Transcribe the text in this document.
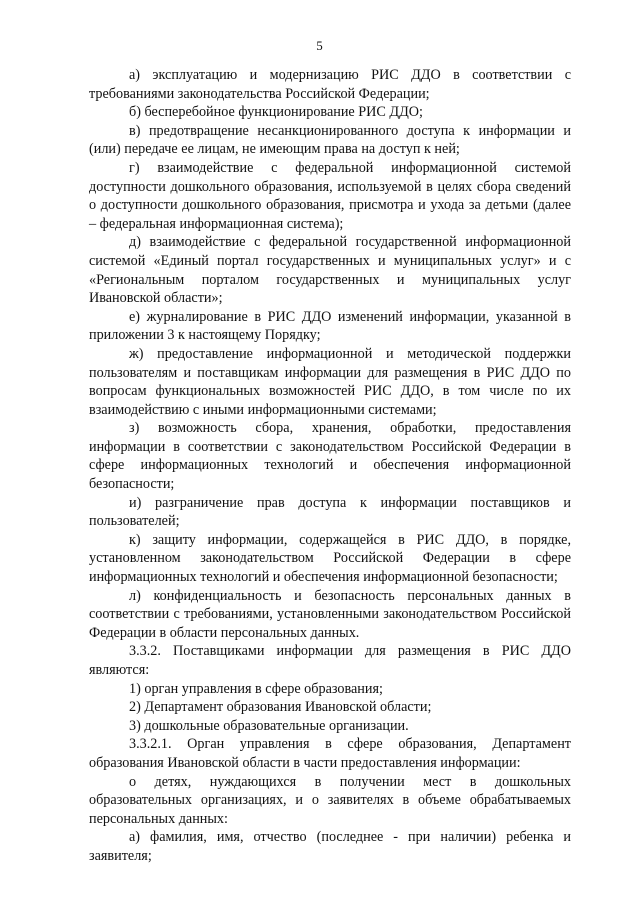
5

а) эксплуатацию и модернизацию РИС ДДО в соответствии с требованиями законодательства Российской Федерации;

б) бесперебойное функционирование РИС ДДО;

в) предотвращение несанкционированного доступа к информации и (или) передаче ее лицам, не имеющим права на доступ к ней;

г) взаимодействие с федеральной информационной системой доступности дошкольного образования, используемой в целях сбора сведений о доступности дошкольного образования, присмотра и ухода за детьми (далее – федеральная информационная система);

д) взаимодействие с федеральной государственной информационной системой «Единый портал государственных и муниципальных услуг» и с «Региональным порталом государственных и муниципальных услуг Ивановской области»;

е) журналирование в РИС ДДО изменений информации, указанной в приложении 3 к настоящему Порядку;

ж) предоставление информационной и методической поддержки пользователям и поставщикам информации для размещения в РИС ДДО по вопросам функциональных возможностей РИС ДДО, в том числе по их взаимодействию с иными информационными системами;

з) возможность сбора, хранения, обработки, предоставления информации в соответствии с законодательством Российской Федерации в сфере информационных технологий и обеспечения информационной безопасности;

и) разграничение прав доступа к информации поставщиков и пользователей;

к) защиту информации, содержащейся в РИС ДДО, в порядке, установленном законодательством Российской Федерации в сфере информационных технологий и обеспечения информационной безопасности;

л) конфиденциальность и безопасность персональных данных в соответствии с требованиями, установленными законодательством Российской Федерации в области персональных данных.

3.3.2. Поставщиками информации для размещения в РИС ДДО являются:

1) орган управления в сфере образования;

2) Департамент образования Ивановской области;

3) дошкольные образовательные организации.

3.3.2.1. Орган управления в сфере образования, Департамент образования Ивановской области в части предоставления информации:

о детях, нуждающихся в получении мест в дошкольных образовательных организациях, и о заявителях в объеме обрабатываемых персональных данных:

а) фамилия, имя, отчество (последнее - при наличии) ребенка и заявителя;
